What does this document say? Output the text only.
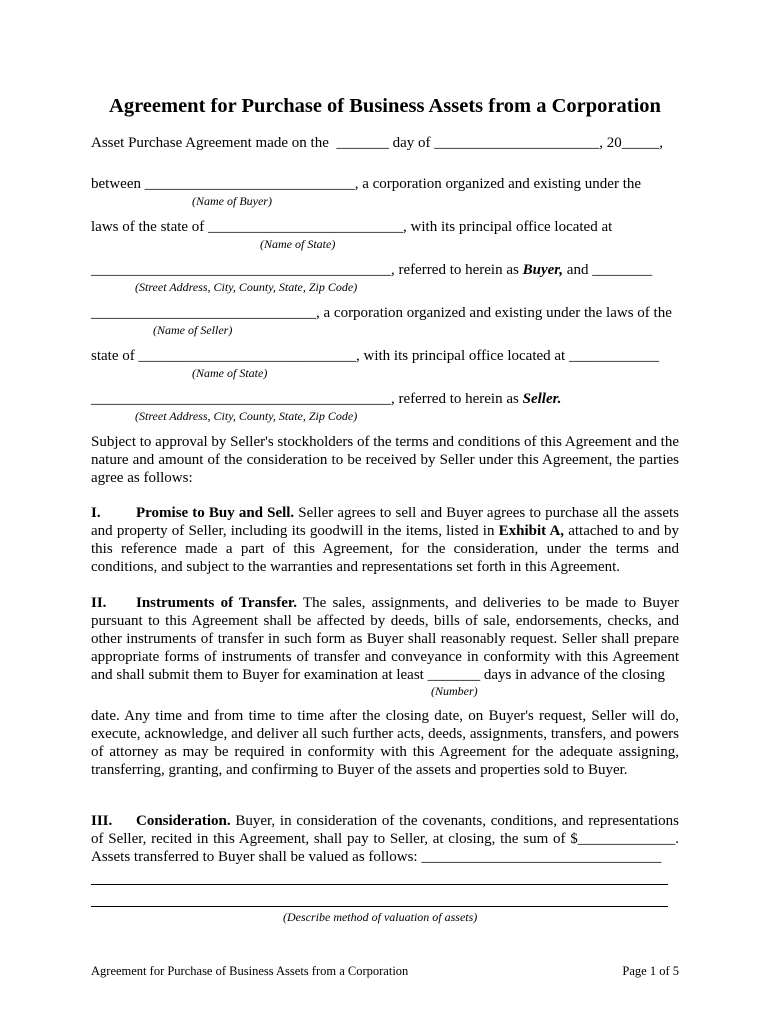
Agreement for Purchase of Business Assets from a Corporation
Asset Purchase Agreement made on the  _______ day of ______________________, 20_____,
between ____________________________, a corporation organized and existing under the
(Name of Buyer)
laws of the state of __________________________, with its principal office located at
(Name of State)
________________________________________, referred to herein as Buyer, and ________
(Street Address, City, County, State, Zip Code)
______________________________, a corporation organized and existing under the laws of the
(Name of Seller)
state of _____________________________, with its principal office located at ____________
(Name of State)
________________________________________, referred to herein as Seller.
(Street Address, City, County, State, Zip Code)
Subject to approval by Seller's stockholders of the terms and conditions of this Agreement and the nature and amount of the consideration to be received by Seller under this Agreement, the parties agree as follows:
I. Promise to Buy and Sell. Seller agrees to sell and Buyer agrees to purchase all the assets and property of Seller, including its goodwill in the items, listed in Exhibit A, attached to and by this reference made a part of this Agreement, for the consideration, under the terms and conditions, and subject to the warranties and representations set forth in this Agreement.
II. Instruments of Transfer. The sales, assignments, and deliveries to be made to Buyer pursuant to this Agreement shall be affected by deeds, bills of sale, endorsements, checks, and other instruments of transfer in such form as Buyer shall reasonably request. Seller shall prepare appropriate forms of instruments of transfer and conveyance in conformity with this Agreement and shall submit them to Buyer for examination at least _______ days in advance of the closing
(Number)
date. Any time and from time to time after the closing date, on Buyer's request, Seller will do, execute, acknowledge, and deliver all such further acts, deeds, assignments, transfers, and powers of attorney as may be required in conformity with this Agreement for the adequate assigning, transferring, granting, and confirming to Buyer of the assets and properties sold to Buyer.
III. Consideration. Buyer, in consideration of the covenants, conditions, and representations of Seller, recited in this Agreement, shall pay to Seller, at closing, the sum of $_____________. Assets transferred to Buyer shall be valued as follows: ________________________________
(Describe method of valuation of assets)
Agreement for Purchase of Business Assets from a Corporation	Page 1 of 5
